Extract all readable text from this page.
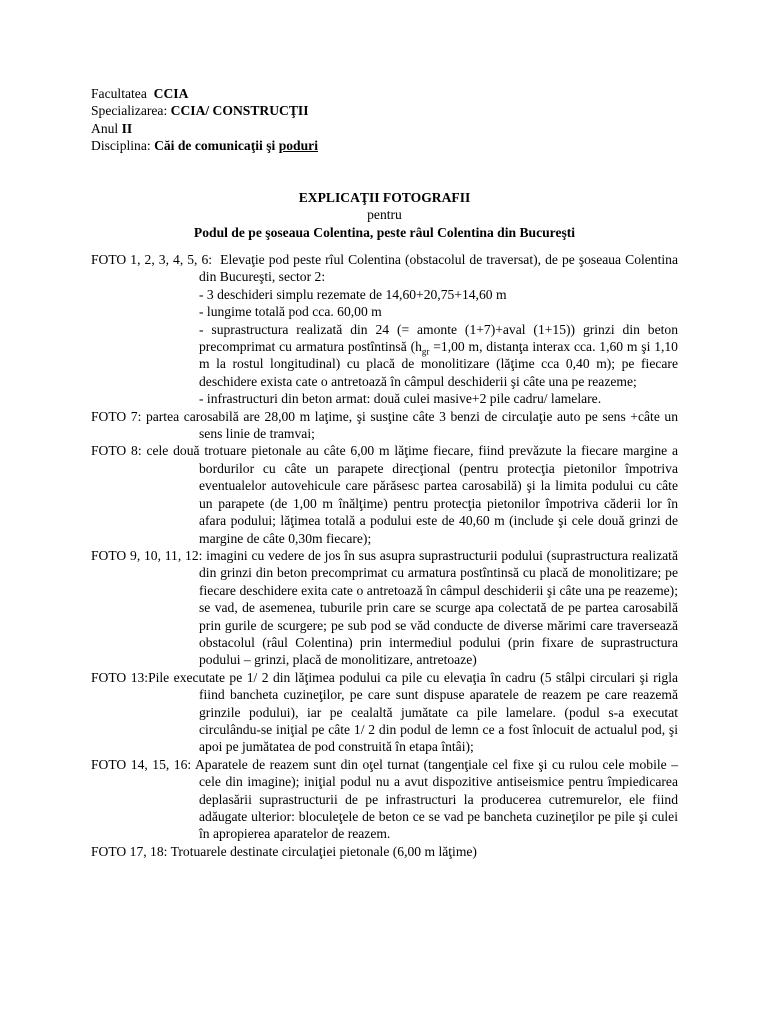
Facultatea CCIA
Specializarea: CCIA/ CONSTRUCŢII
Anul II
Disciplina: Căi de comunicaţii şi poduri
EXPLICAŢII FOTOGRAFII
pentru
Podul de pe şoseaua Colentina, peste râul Colentina din Bucureşti
FOTO 1, 2, 3, 4, 5, 6: Elevaţie pod peste rîul Colentina (obstacolul de traversat), de pe şoseaua Colentina din Bucureşti, sector 2:
- 3 deschideri simplu rezemate de 14,60+20,75+14,60 m
- lungime totală pod cca. 60,00 m
- suprastructura realizată din 24 (= amonte (1+7)+aval (1+15)) grinzi din beton precomprimat cu armatura postîntinsă ($h_{gr} =1,00$ m, distanţa interax cca. 1,60 m şi 1,10 m la rostul longitudinal) cu placă de monolitizare (lăţime cca 0,40 m); pe fiecare deschidere exista cate o antretoază în câmpul deschiderii şi câte una pe reazeme;
- infrastructuri din beton armat: două culei masive+2 pile cadru/ lamelare.
FOTO 7: partea carosabilă are 28,00 m laţime, şi susţine câte 3 benzi de circulaţie auto pe sens +câte un sens linie de tramvai;
FOTO 8: cele două trotuare pietonale au câte 6,00 m lăţime fiecare, fiind prevăzute la fiecare margine a bordurilor cu câte un parapete direcţional (pentru protecţia pietonilor împotriva eventualelor autovehicule care părăsesc partea carosabilă) şi la limita podului cu câte un parapete (de 1,00 m înălţime) pentru protecţia pietonilor împotriva căderii lor în afara podului; lăţimea totală a podului este de 40,60 m (include şi cele două grinzi de margine de câte 0,30m fiecare);
FOTO 9, 10, 11, 12: imagini cu vedere de jos în sus asupra suprastructurii podului (suprastructura realizată din grinzi din beton precomprimat cu armatura postîntinsă cu placă de monolitizare; pe fiecare deschidere exita cate o antretoază în câmpul deschiderii şi câte una pe reazeme); se vad, de asemenea, tuburile prin care se scurge apa colectată de pe partea carosabilă prin gurile de scurgere; pe sub pod se văd conducte de diverse mărimi care traversează obstacolul (râul Colentina) prin intermediul podului (prin fixare de suprastructura podului – grinzi, placă de monolitizare, antretoaze)
FOTO 13:Pile executate pe 1/ 2 din lăţimea podului ca pile cu elevaţia în cadru (5 stâlpi circulari şi rigla fiind bancheta cuzineţilor, pe care sunt dispuse aparatele de reazem pe care reazemă grinzile podului), iar pe cealaltă jumătate ca pile lamelare. (podul s-a executat circulându-se iniţial pe câte 1/ 2 din podul de lemn ce a fost înlocuit de actualul pod, şi apoi pe jumătatea de pod construită în etapa întâi);
FOTO 14, 15, 16: Aparatele de reazem sunt din oţel turnat (tangenţiale cel fixe şi cu rulou cele mobile – cele din imagine); iniţial podul nu a avut dispozitive antiseismice pentru împiedicarea deplasării suprastructurii de pe infrastructuri la producerea cutremurelor, ele fiind adăugate ulterior: bloculeţele de beton ce se vad pe bancheta cuzineţilor pe pile şi culei în apropierea aparatelor de reazem.
FOTO 17, 18: Trotuarele destinate circulaţiei pietonale (6,00 m lăţime)
